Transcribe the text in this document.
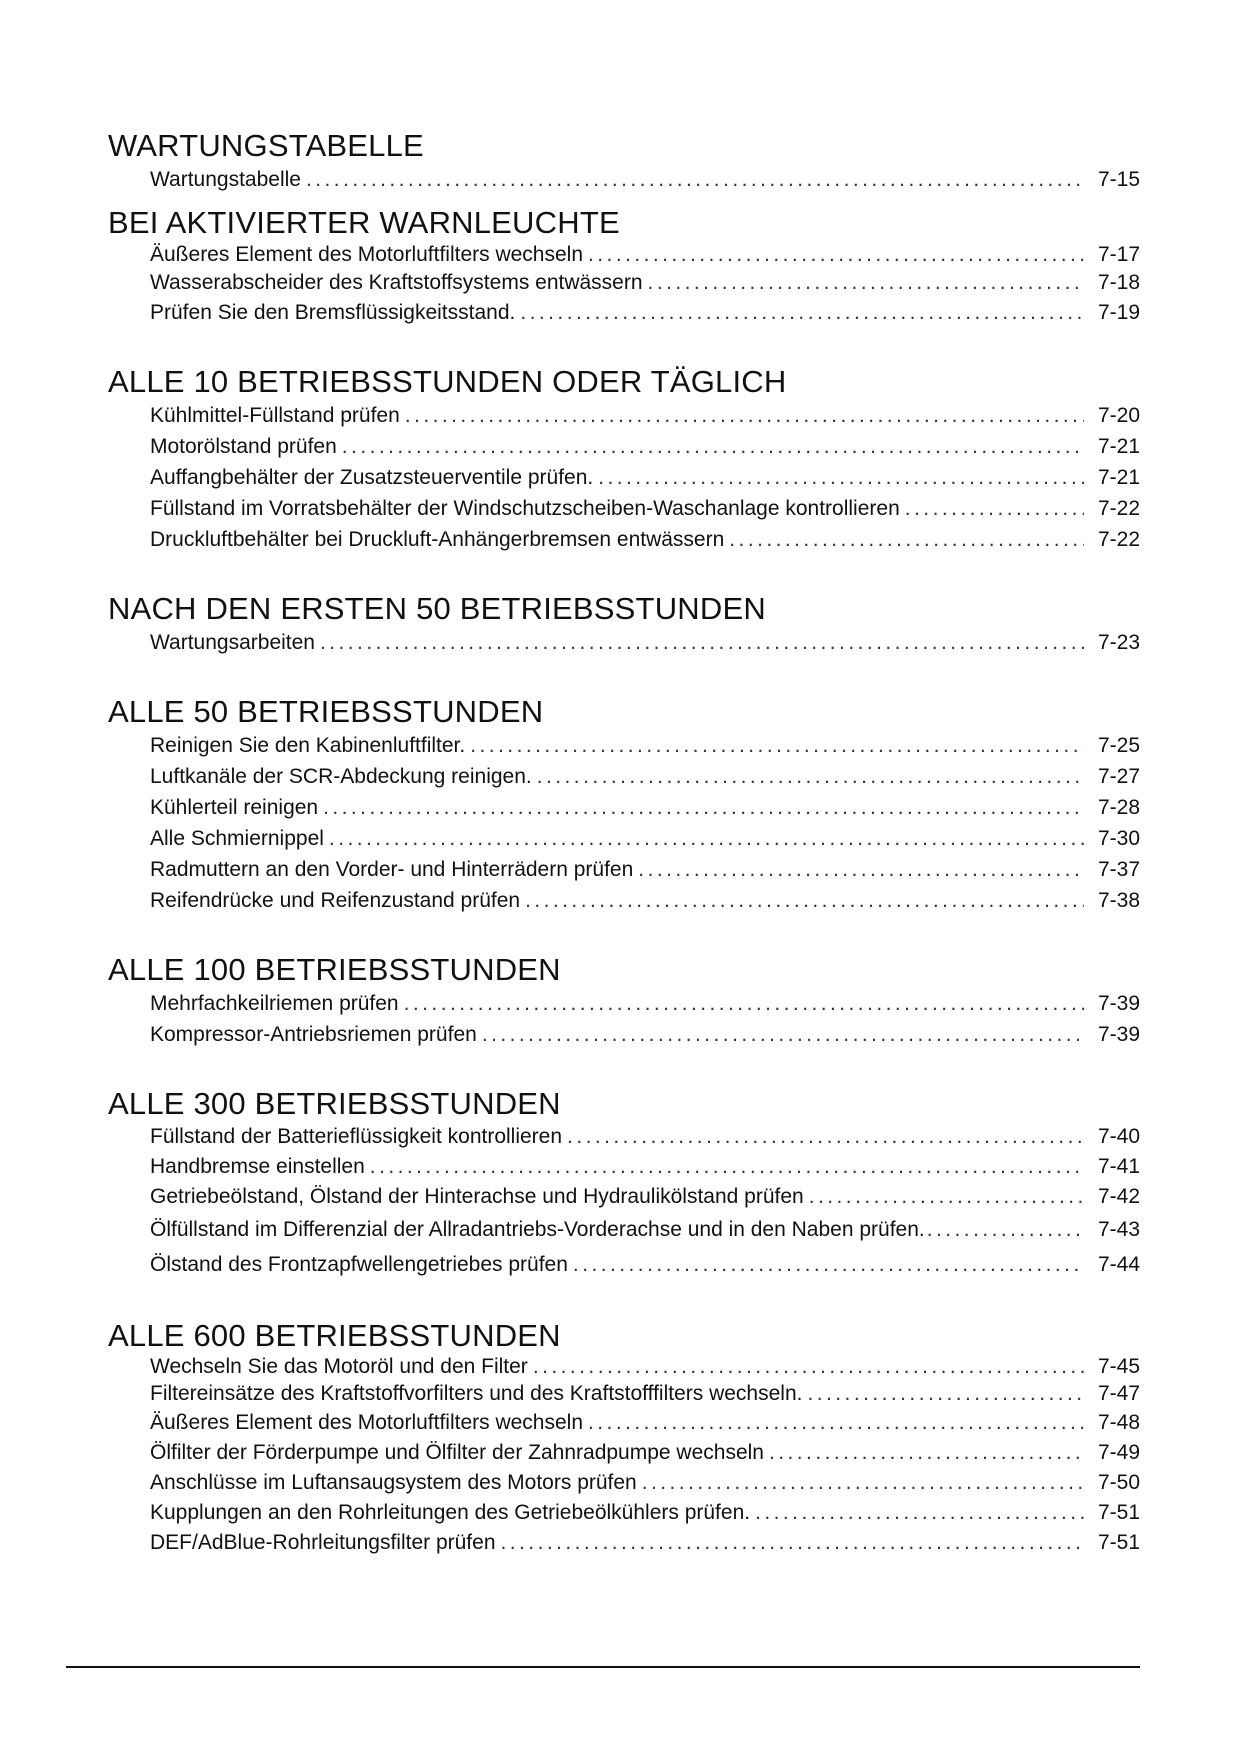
WARTUNGSTABELLE
Wartungstabelle . . .	7-15
BEI AKTIVIERTER WARNLEUCHTE
Äußeres Element des Motorluftfilters wechseln . . .	7-17
Wasserabscheider des Kraftstoffsystems entwässern . . .	7-18
Prüfen Sie den Bremsflüssigkeitsstand. . . .	7-19
ALLE 10 BETRIEBSSTUNDEN ODER TÄGLICH
Kühlmittel-Füllstand prüfen . . .	7-20
Motorölstand prüfen . . .	7-21
Auffangbehälter der Zusatzsteuerventile prüfen. . . .	7-21
Füllstand im Vorratsbehälter der Windschutzscheiben-Waschanlage kontrollieren . . .	7-22
Druckluftbehälter bei Druckluft-Anhängerbremsen entwässern . . .	7-22
NACH DEN ERSTEN 50 BETRIEBSSTUNDEN
Wartungsarbeiten . . .	7-23
ALLE 50 BETRIEBSSTUNDEN
Reinigen Sie den Kabinenluftfilter. . . .	7-25
Luftkanäle der SCR-Abdeckung reinigen. . . .	7-27
Kühlerteil reinigen . . .	7-28
Alle Schmiernippel . . .	7-30
Radmuttern an den Vorder- und Hinterrädern prüfen . . .	7-37
Reifendrücke und Reifenzustand prüfen . . .	7-38
ALLE 100 BETRIEBSSTUNDEN
Mehrfachkeilriemen prüfen . . .	7-39
Kompressor-Antriebsriemen prüfen . . .	7-39
ALLE 300 BETRIEBSSTUNDEN
Füllstand der Batterieflüssigkeit kontrollieren . . .	7-40
Handbremse einstellen . . .	7-41
Getriebeölstand, Ölstand der Hinterachse und Hydraulikölstand prüfen . . .	7-42
Ölfüllstand im Differenzial der Allradantriebs-Vorderachse und in den Naben prüfen. . . .	7-43
Ölstand des Frontzapfwellengetriebes prüfen . . .	7-44
ALLE 600 BETRIEBSSTUNDEN
Wechseln Sie das Motoröl und den Filter . . .	7-45
Filtereinsätze des Kraftstoffvorfilters und des Kraftstofffilters wechseln. . . .	7-47
Äußeres Element des Motorluftfilters wechseln . . .	7-48
Ölfilter der Förderpumpe und Ölfilter der Zahnradpumpe wechseln . . .	7-49
Anschlüsse im Luftansaugsystem des Motors prüfen . . .	7-50
Kupplungen an den Rohrleitungen des Getriebeölkühlers prüfen. . . .	7-51
DEF/AdBlue-Rohrleitungsfilter prüfen . . .	7-51
